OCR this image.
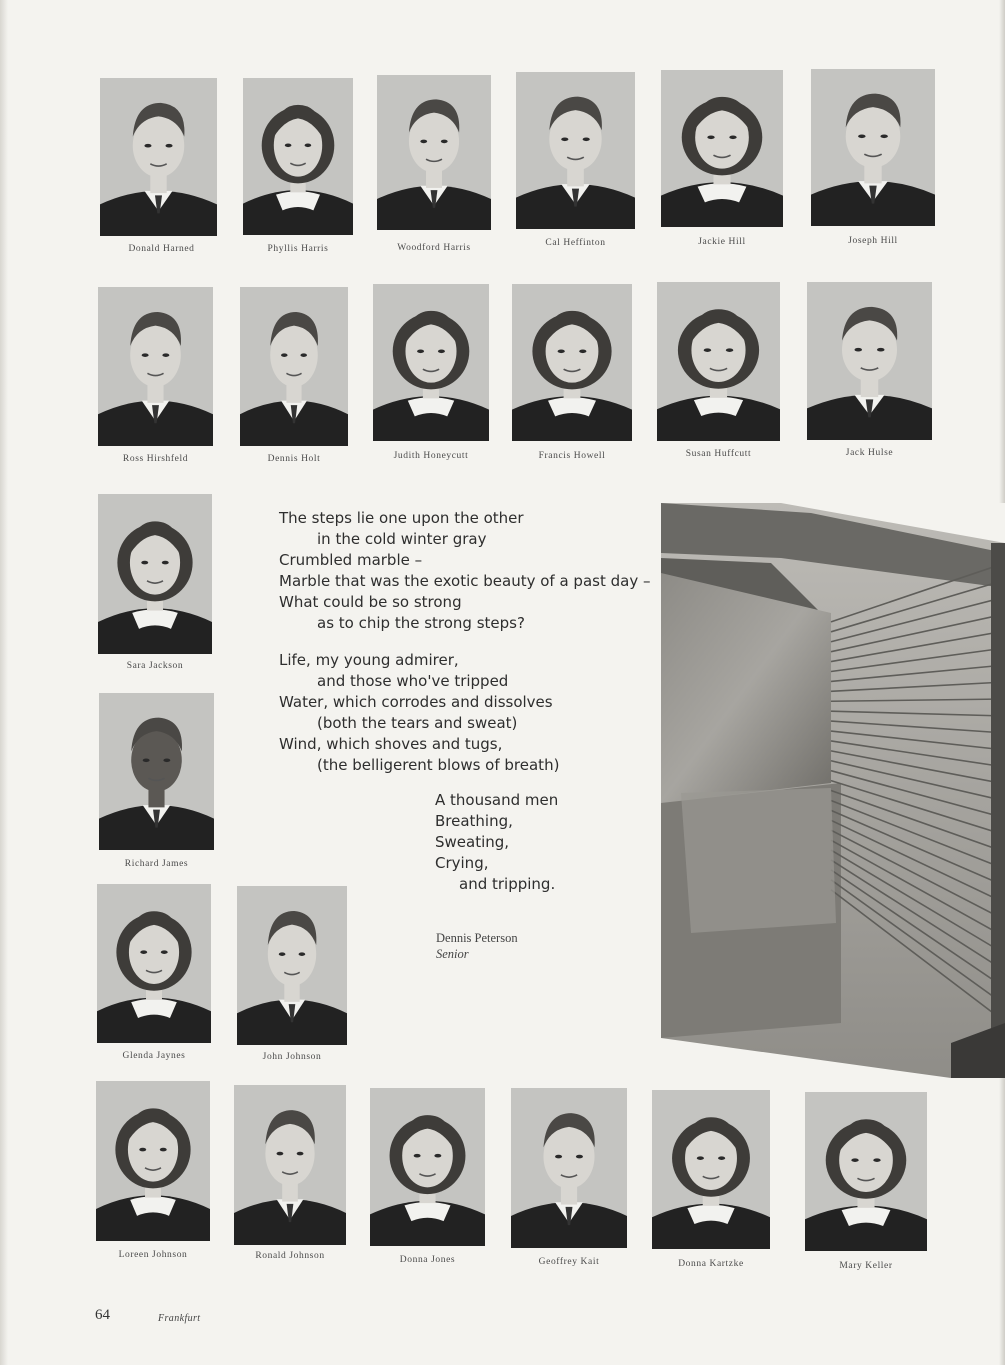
Donald Harned	Phyllis Harris	Woodford Harris	Cal Heffinton	Jackie Hill	Joseph Hill
Ross Hirshfeld	Dennis Holt	Judith Honeycutt	Francis Howell	Susan Huffcutt	Jack Hulse
Sara Jackson
Richard James
Glenda Jaynes	John Johnson
Loreen Johnson	Ronald Johnson	Donna Jones	Geoffrey Kait	Donna Kartzke	Mary Keller
The steps lie one upon the other
in the cold winter gray
Crumbled marble –
Marble that was the exotic beauty of a past day –
What could be so strong
as to chip the strong steps?
Life, my young admirer,
and those who've tripped
Water, which corrodes and dissolves
(both the tears and sweat)
Wind, which shoves and tugs,
(the belligerent blows of breath)
A thousand men
Breathing,
Sweating,
Crying,
and tripping.
Dennis Peterson
Senior
64	Frankfurt
